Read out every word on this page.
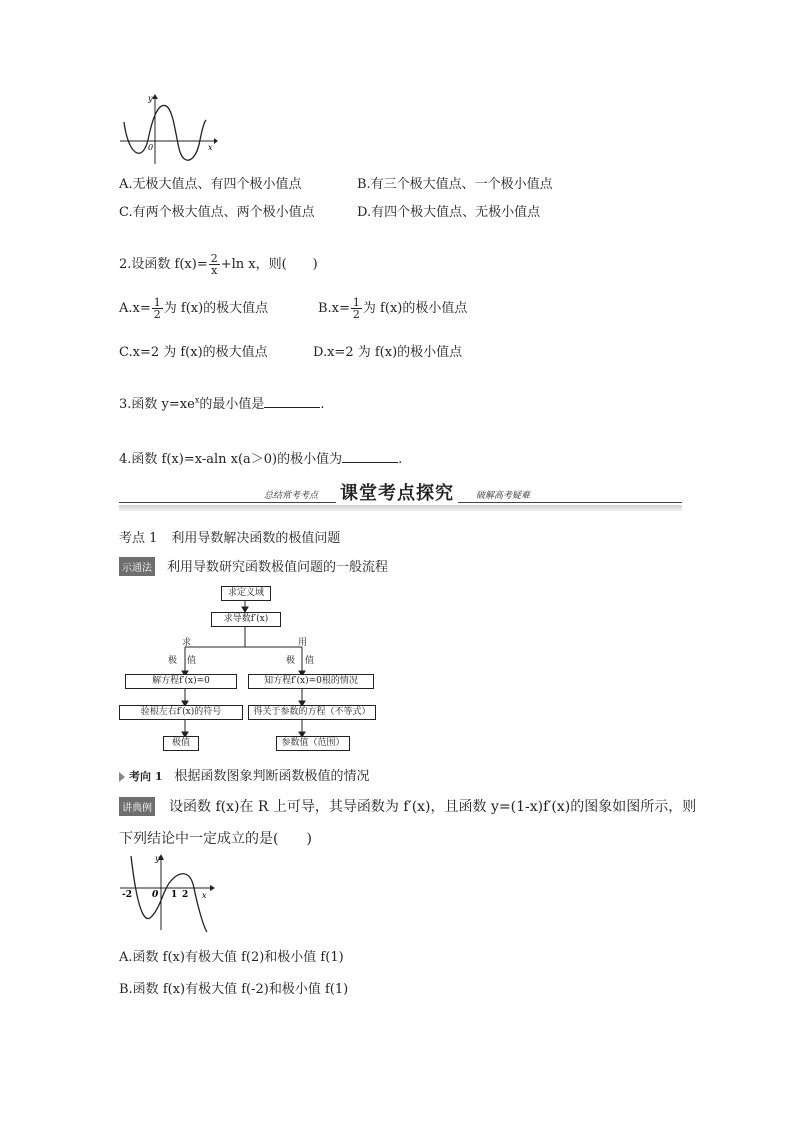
y
0	x
A.无极大值点、有四个极小值点	B.有三个极大值点、一个极小值点
C.有两个极大值点、两个极小值点	D.有四个极大值点、无极小值点
2.设函数 $f(x)= \frac{2}{x} +\ln$ x，则(　　)
$A.x= \frac{1}{2}$ 为 f(x)的极大值点	$B.x= \frac{1}{2}$ 为 f(x)的极小值点
C.x=2 为 f(x)的极大值点	D.x=2 为 f(x)的极小值点
3.函数 $y=xe^x$的最小值是	.
4.函数 f(x)=x-aln x(a＞0)的极小值为	.
总结常考考点 课堂考点探究	破解高考疑难
考点 1 利用导数解决函数的极值问题
示通法 利用导数研究函数极值问题的一般流程
求定义域
求导数f′(x)
求	用
极 值	极 值
解方程f′(x)=0
验根左右f′(x)的符号
极值
知方程f′(x)=0根的情况
得关于参数的方程（不等式）
参数值（范围）
考向 1 根据函数图象判断函数极值的情况
讲典例 设函数 f(x)在 R 上可导，其导函数为 f′(x)，且函数 y=(1-x)f′(x)的图象如图所示，则
下列结论中一定成立的是(　　)
y
-2 0 1 2 x
A.函数 f(x)有极大值 f(2)和极小值 f(1)
B.函数 f(x)有极大值 f(-2)和极小值 f(1)
